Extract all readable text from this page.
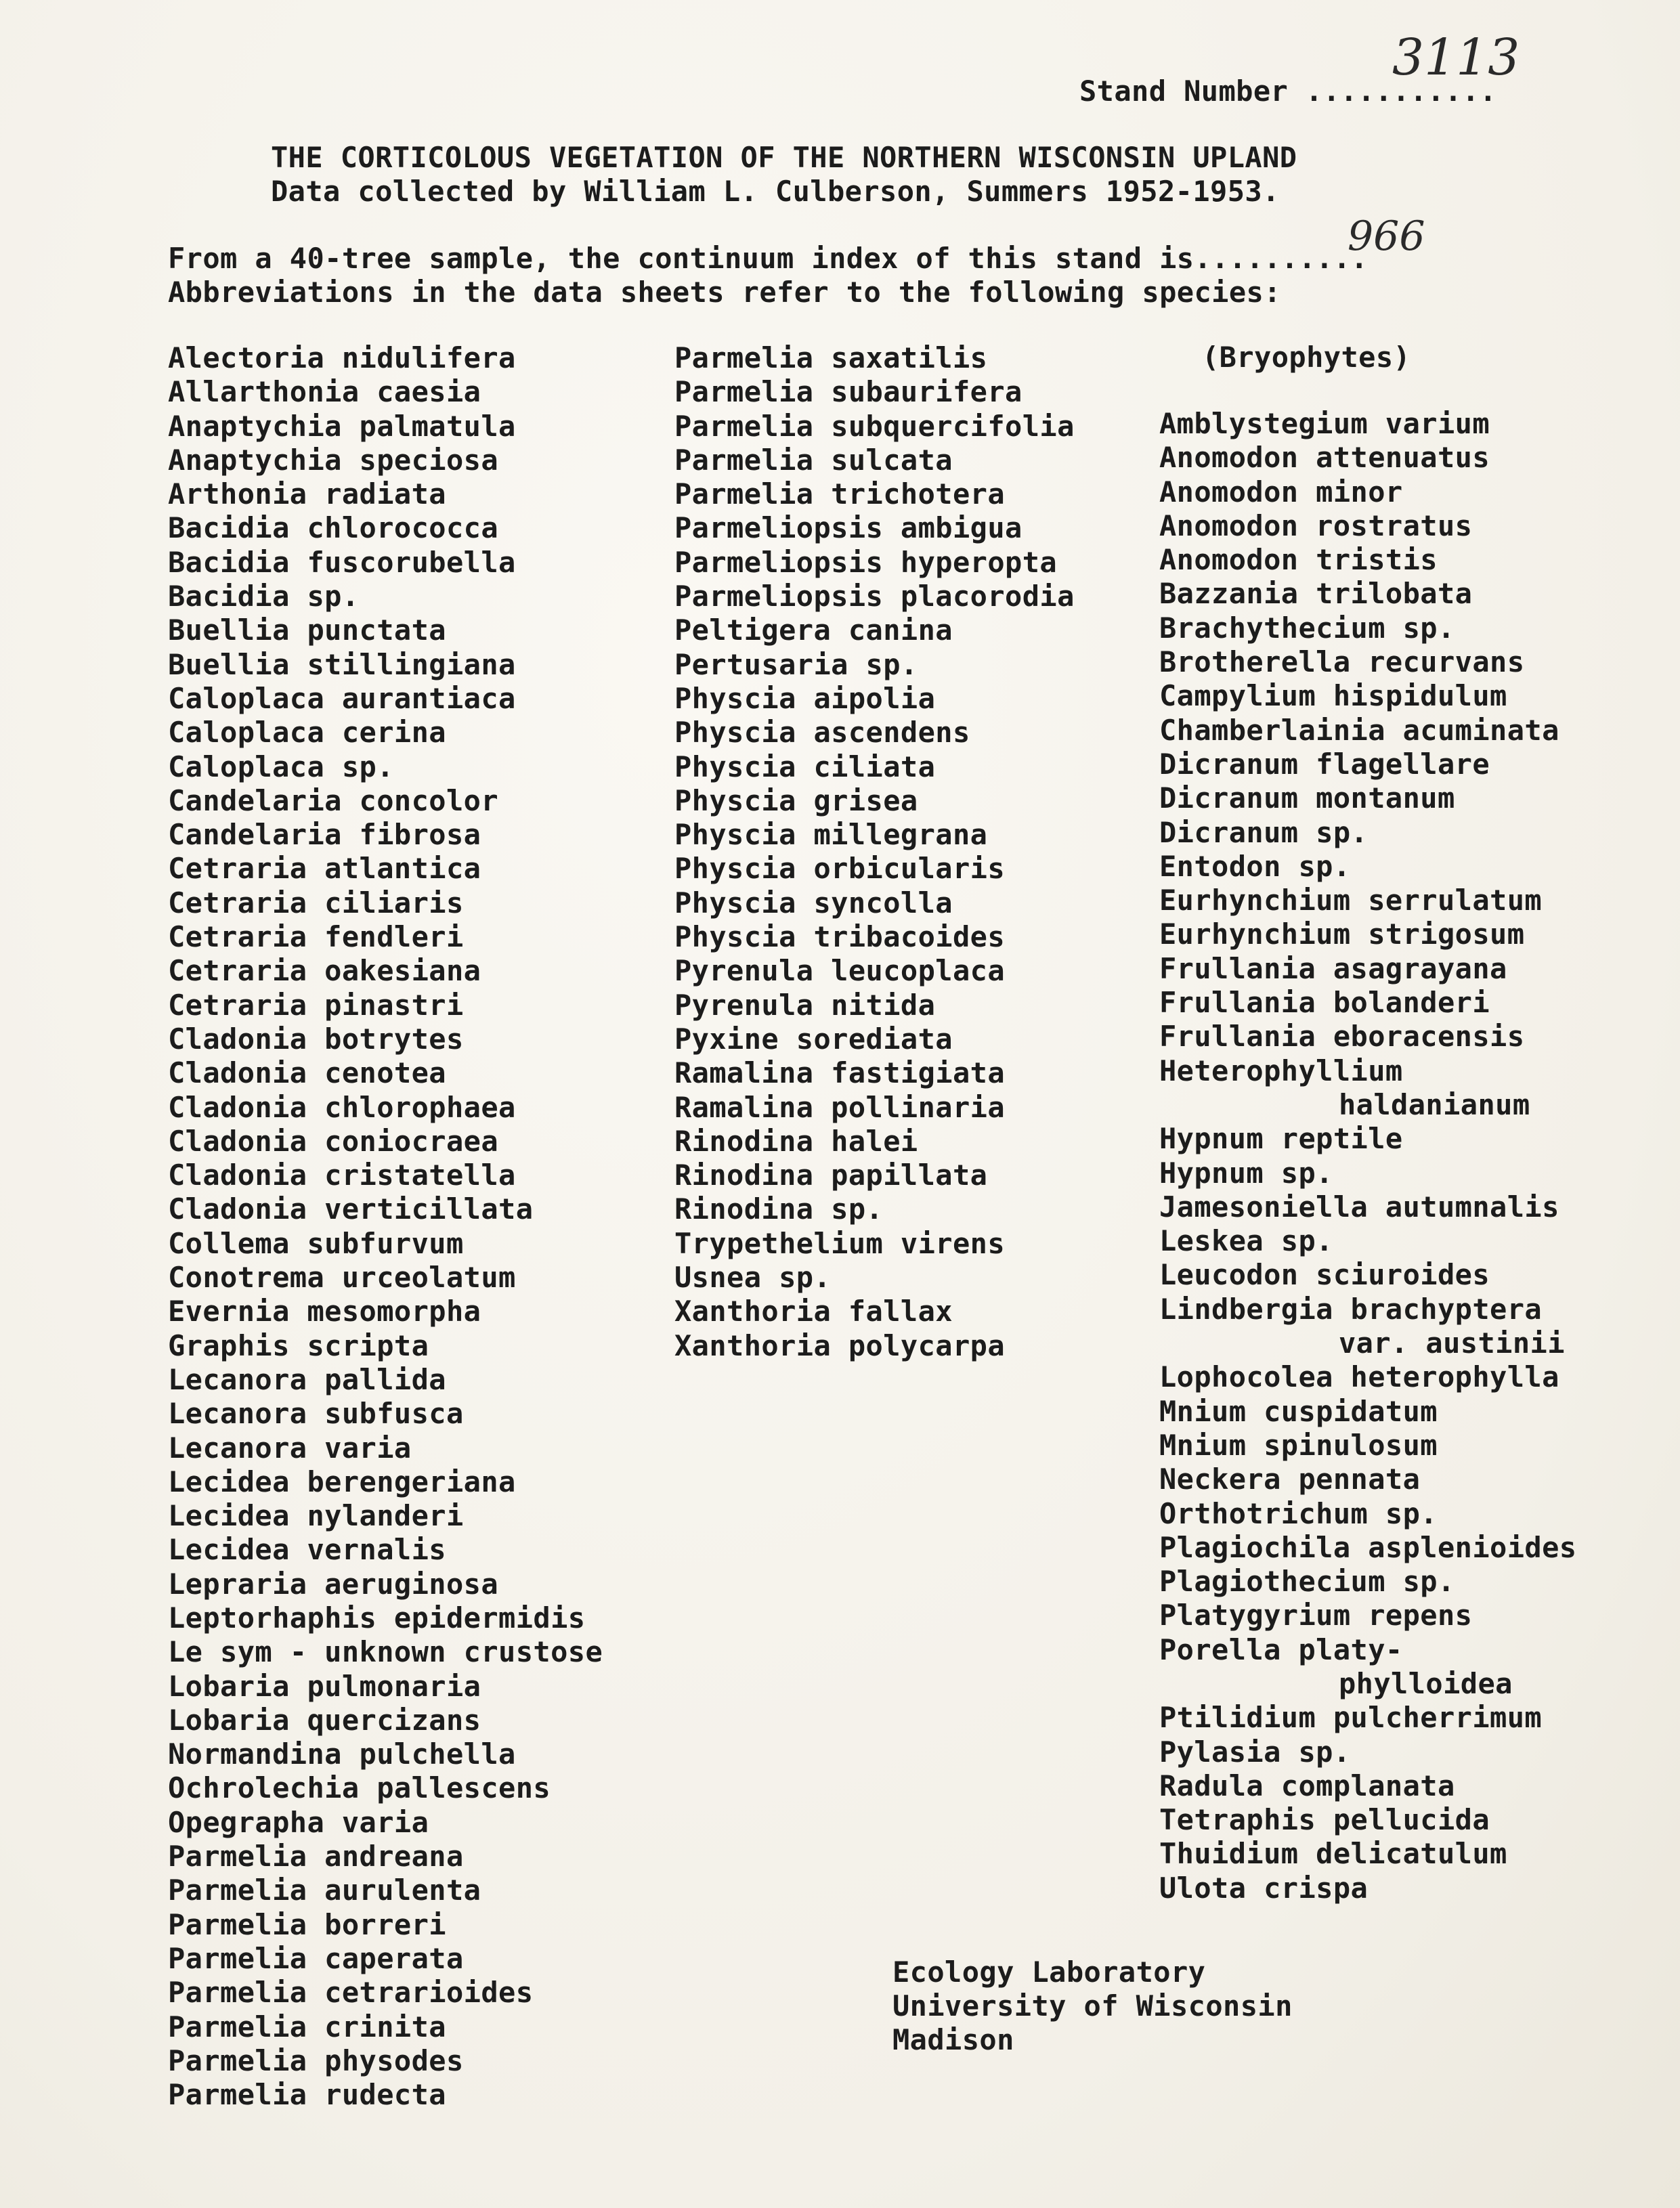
Stand Number ...........
3113
THE CORTICOLOUS VEGETATION OF THE NORTHERN WISCONSIN UPLAND
Data collected by William L. Culberson, Summers 1952-1953.
From a 40-tree sample, the continuum index of this stand is..........
966
Abbreviations in the data sheets refer to the following species:
Alectoria nidulifera
Allarthonia caesia
Anaptychia palmatula
Anaptychia speciosa
Arthonia radiata
Bacidia chlorococca
Bacidia fuscorubella
Bacidia sp.
Buellia punctata
Buellia stillingiana
Caloplaca aurantiaca
Caloplaca cerina
Caloplaca sp.
Candelaria concolor
Candelaria fibrosa
Cetraria atlantica
Cetraria ciliaris
Cetraria fendleri
Cetraria oakesiana
Cetraria pinastri
Cladonia botrytes
Cladonia cenotea
Cladonia chlorophaea
Cladonia coniocraea
Cladonia cristatella
Cladonia verticillata
Collema subfurvum
Conotrema urceolatum
Evernia mesomorpha
Graphis scripta
Lecanora pallida
Lecanora subfusca
Lecanora varia
Lecidea berengeriana
Lecidea nylanderi
Lecidea vernalis
Lepraria aeruginosa
Leptorhaphis epidermidis
Le sym - unknown crustose
Lobaria pulmonaria
Lobaria quercizans
Normandina pulchella
Ochrolechia pallescens
Opegrapha varia
Parmelia andreana
Parmelia aurulenta
Parmelia borreri
Parmelia caperata
Parmelia cetrarioides
Parmelia crinita
Parmelia physodes
Parmelia rudecta
Parmelia saxatilis
Parmelia subaurifera
Parmelia subquercifolia
Parmelia sulcata
Parmelia trichotera
Parmeliopsis ambigua
Parmeliopsis hyperopta
Parmeliopsis placorodia
Peltigera canina
Pertusaria sp.
Physcia aipolia
Physcia ascendens
Physcia ciliata
Physcia grisea
Physcia millegrana
Physcia orbicularis
Physcia syncolla
Physcia tribacoides
Pyrenula leucoplaca
Pyrenula nitida
Pyxine sorediata
Ramalina fastigiata
Ramalina pollinaria
Rinodina halei
Rinodina papillata
Rinodina sp.
Trypethelium virens
Usnea sp.
Xanthoria fallax
Xanthoria polycarpa
(Bryophytes)
Amblystegium varium
Anomodon attenuatus
Anomodon minor
Anomodon rostratus
Anomodon tristis
Bazzania trilobata
Brachythecium sp.
Brotherella recurvans
Campylium hispidulum
Chamberlainia acuminata
Dicranum flagellare
Dicranum montanum
Dicranum sp.
Entodon sp.
Eurhynchium serrulatum
Eurhynchium strigosum
Frullania asagrayana
Frullania bolanderi
Frullania eboracensis
Heterophyllium
haldanianum
Hypnum reptile
Hypnum sp.
Jamesoniella autumnalis
Leskea sp.
Leucodon sciuroides
Lindbergia brachyptera
var. austinii
Lophocolea heterophylla
Mnium cuspidatum
Mnium spinulosum
Neckera pennata
Orthotrichum sp.
Plagiochila asplenioides
Plagiothecium sp.
Platygyrium repens
Porella platy-
phylloidea
Ptilidium pulcherrimum
Pylasia sp.
Radula complanata
Tetraphis pellucida
Thuidium delicatulum
Ulota crispa
Ecology Laboratory
University of Wisconsin
Madison
